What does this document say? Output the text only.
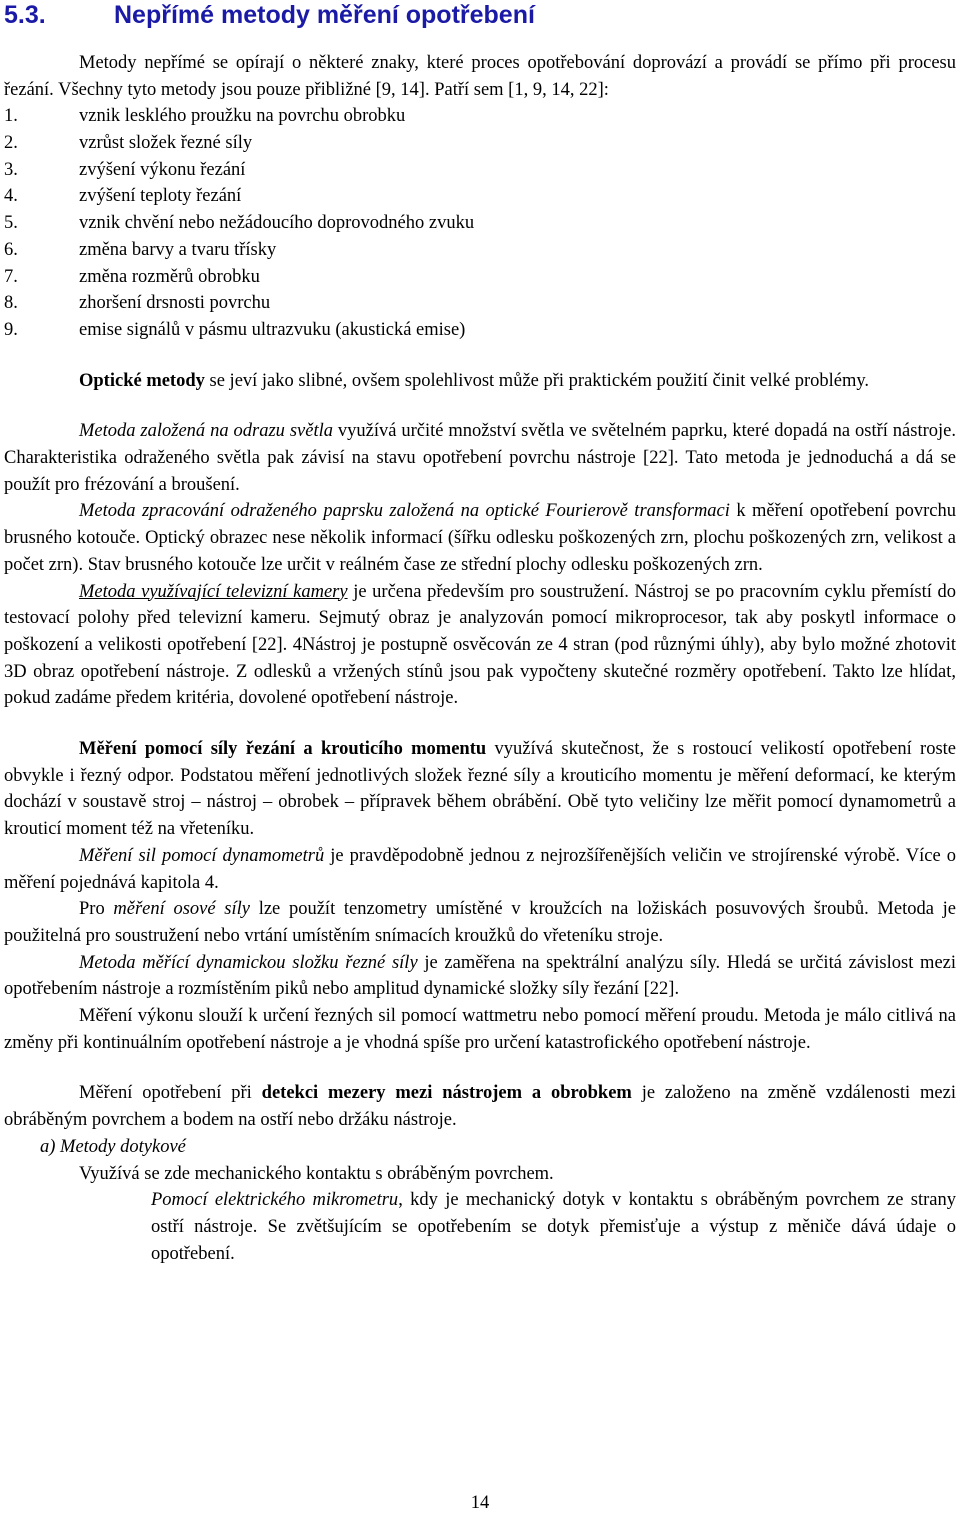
5.3.	Nepřímé metody měření opotřebení

Metody nepřímé se opírají o některé znaky, které proces opotřebování doprovází a provádí se přímo při procesu řezání. Všechny tyto metody jsou pouze přibližné [9, 14]. Patří sem [1, 9, 14, 22]:

1.	vznik lesklého proužku na povrchu obrobku
2.	vzrůst složek řezné síly
3.	zvýšení výkonu řezání
4.	zvýšení teploty řezání
5.	vznik chvění nebo nežádoucího doprovodného zvuku
6.	změna barvy a tvaru třísky
7.	změna rozměrů obrobku
8.	zhoršení drsnosti povrchu
9.	emise signálů v pásmu ultrazvuku (akustická emise)

Optické metody se jeví jako slibné, ovšem spolehlivost může při praktickém použití činit velké problémy.

Metoda založená na odrazu světla využívá určité množství světla ve světelném paprku, které dopadá na ostří nástroje. Charakteristika odraženého světla pak závisí na stavu opotřebení povrchu nástroje [22]. Tato metoda je jednoduchá a dá se použít pro frézování a broušení.

Metoda zpracování odraženého paprsku založená na optické Fourierově transformaci k měření opotřebení povrchu brusného kotouče. Optický obrazec nese několik informací (šířku odlesku poškozených zrn, plochu poškozených zrn, velikost a počet zrn). Stav brusného kotouče lze určit v reálném čase ze střední plochy odlesku poškozených zrn.

Metoda využívající televizní kamery je určena především pro soustružení. Nástroj se po pracovním cyklu přemístí do testovací polohy před televizní kameru. Sejmutý obraz je analyzován pomocí mikroprocesor, tak aby poskytl informace o poškození a velikosti opotřebení [22]. 4Nástroj je postupně osvěcován ze 4 stran (pod různými úhly), aby bylo možné zhotovit 3D obraz opotřebení nástroje. Z odlesků a vržených stínů jsou pak vypočteny skutečné rozměry opotřebení. Takto lze hlídat, pokud zadáme předem kritéria, dovolené opotřebení nástroje.

Měření pomocí síly řezání a krouticího momentu využívá skutečnost, že s rostoucí velikostí opotřebení roste obvykle i řezný odpor. Podstatou měření jednotlivých složek řezné síly a krouticího momentu je měření deformací, ke kterým dochází v soustavě stroj – nástroj – obrobek – přípravek během obrábění. Obě tyto veličiny lze měřit pomocí dynamometrů a krouticí moment též na vřeteníku.

Měření sil pomocí dynamometrů je pravděpodobně jednou z nejrozšířenějších veličin ve strojírenské výrobě. Více o měření pojednává kapitola 4.

Pro měření osové síly lze použít tenzometry umístěné v kroužcích na ložiskách posuvových šroubů. Metoda je použitelná pro soustružení nebo vrtání umístěním snímacích kroužků do vřeteníku stroje.

Metoda měřící dynamickou složku řezné síly je zaměřena na spektrální analýzu síly. Hledá se určitá závislost mezi opotřebením nástroje a rozmístěním piků nebo amplitud dynamické složky síly řezání [22].

Měření výkonu slouží k určení řezných sil pomocí wattmetru nebo pomocí měření proudu. Metoda je málo citlivá na změny při kontinuálním opotřebení nástroje a je vhodná spíše pro určení katastrofického opotřebení nástroje.

Měření opotřebení při detekci mezery mezi nástrojem a obrobkem je založeno na změně vzdálenosti mezi obráběným povrchem a bodem na ostří nebo držáku nástroje.

a) Metody dotykové
Využívá se zde mechanického kontaktu s obráběným povrchem.
Pomocí elektrického mikrometru, kdy je mechanický dotyk v kontaktu s obráběným povrchem ze strany ostří nástroje. Se zvětšujícím se opotřebením se dotyk přemisťuje a výstup z měniče dává údaje o opotřebení.
14
